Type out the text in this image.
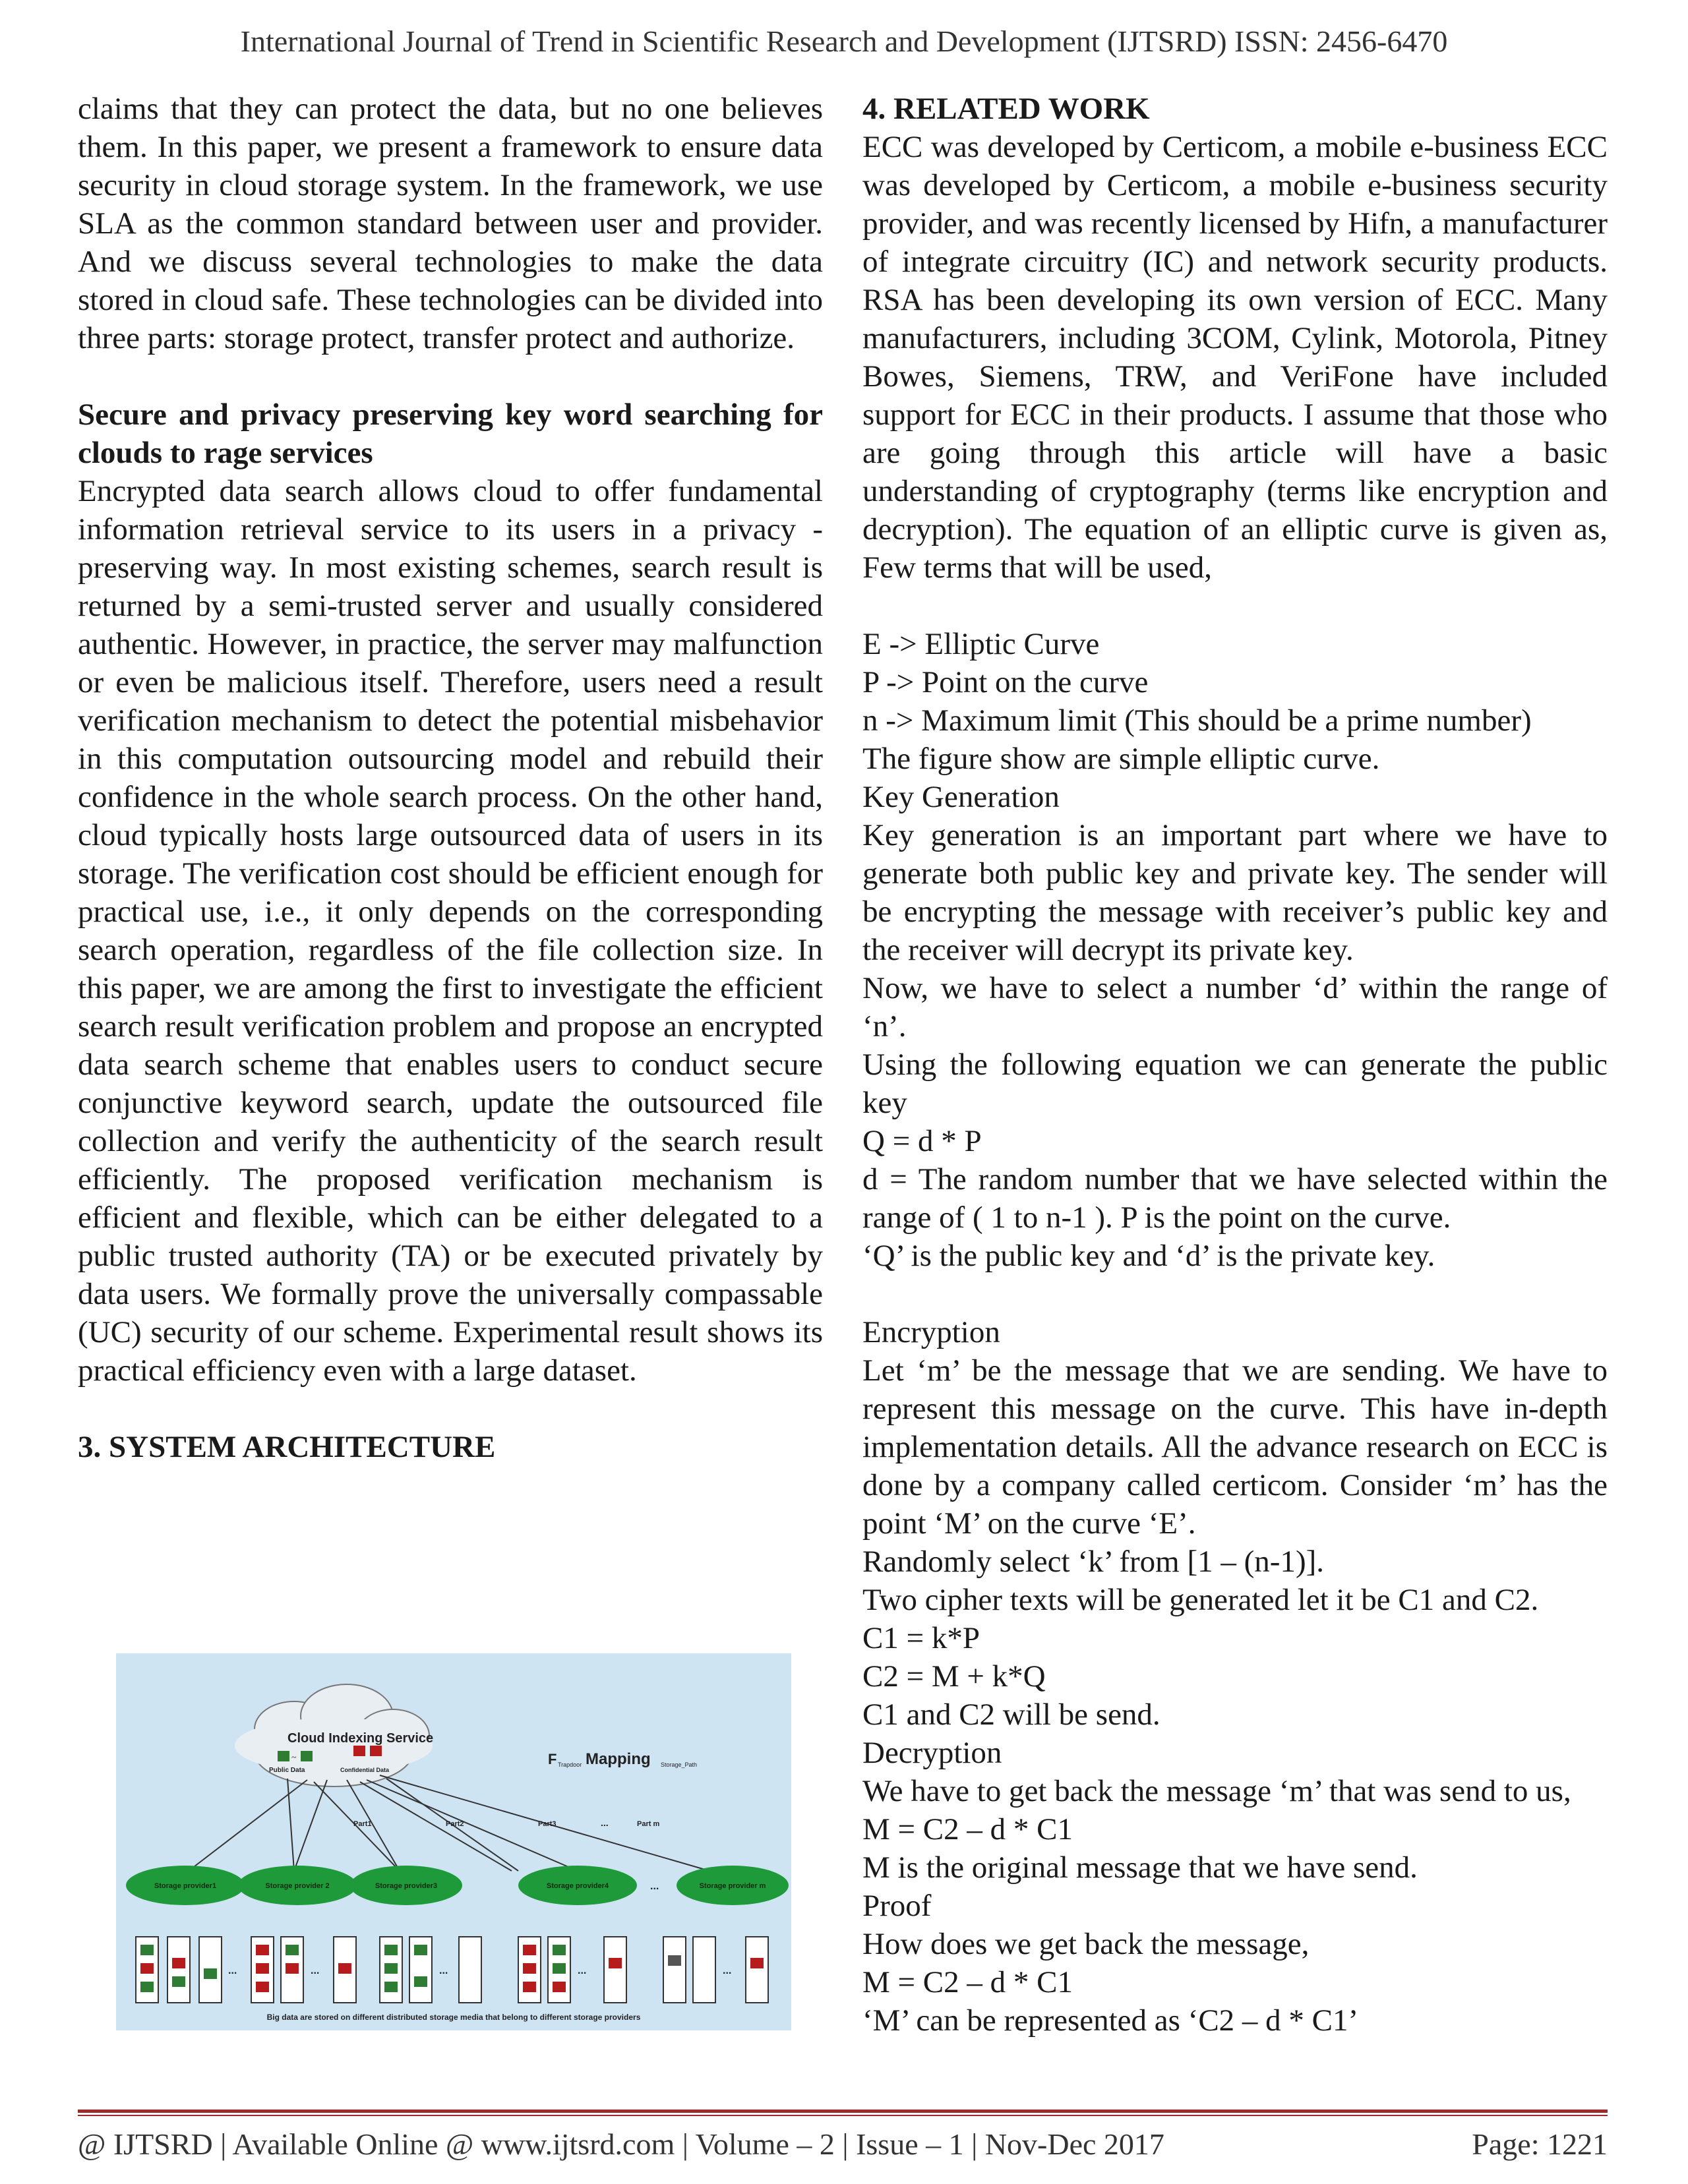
International Journal of Trend in Scientific Research and Development (IJTSRD) ISSN: 2456-6470

claims that they can protect the data, but no one believes them. In this paper, we present a framework to ensure data security in cloud storage system. In the framework, we use SLA as the common standard between user and provider. And we discuss several technologies to make the data stored in cloud safe. These technologies can be divided into three parts: storage protect, transfer protect and authorize.

Secure and privacy preserving key word searching for clouds to rage services

Encrypted data search allows cloud to offer fundamental information retrieval service to its users in a privacy - preserving way. In most existing schemes, search result is returned by a semi-trusted server and usually considered authentic. However, in practice, the server may malfunction or even be malicious itself. Therefore, users need a result verification mechanism to detect the potential misbehavior in this computation outsourcing model and rebuild their confidence in the whole search process. On the other hand, cloud typically hosts large outsourced data of users in its storage. The verification cost should be efficient enough for practical use, i.e., it only depends on the corresponding search operation, regardless of the file collection size. In this paper, we are among the first to investigate the efficient search result verification problem and propose an encrypted data search scheme that enables users to conduct secure conjunctive keyword search, update the outsourced file collection and verify the authenticity of the search result efficiently. The proposed verification mechanism is efficient and flexible, which can be either delegated to a public trusted authority (TA) or be executed privately by data users. We formally prove the universally compassable (UC) security of our scheme. Experimental result shows its practical efficiency even with a large dataset.

3. SYSTEM ARCHITECTURE

Cloud Indexing Service
~
Public Data	Confidential Data
F Trapdoor Mapping Storage_Path
Part1	Part2	Part3	...	Part m
Storage provider1	Storage provider 2	Storage provider3	Storage provider4	...	Storage provider m
...	...	...	...	...
Big data are stored on different distributed storage media that belong to different storage providers

4. RELATED WORK

ECC was developed by Certicom, a mobile e-business ECC was developed by Certicom, a mobile e-business security provider, and was recently licensed by Hifn, a manufacturer of integrate circuitry (IC) and network security products. RSA has been developing its own version of ECC. Many manufacturers, including 3COM, Cylink, Motorola, Pitney Bowes, Siemens, TRW, and VeriFone have included support for ECC in their products. I assume that those who are going through this article will have a basic understanding of cryptography (terms like encryption and decryption). The equation of an elliptic curve is given as, Few terms that will be used,

E -> Elliptic Curve
P -> Point on the curve
n -> Maximum limit (This should be a prime number)
The figure show are simple elliptic curve.
Key Generation

Key generation is an important part where we have to generate both public key and private key. The sender will be encrypting the message with receiver’s public key and the receiver will decrypt its private key.

Now, we have to select a number ‘d’ within the range of ‘n’.

Using the following equation we can generate the public key

Q = d * P

d = The random number that we have selected within the range of ( 1 to n-1 ). P is the point on the curve.

‘Q’ is the public key and ‘d’ is the private key.
Encryption

Let ‘m’ be the message that we are sending. We have to represent this message on the curve. This have in-depth implementation details. All the advance research on ECC is done by a company called certicom. Consider ‘m’ has the point ‘M’ on the curve ‘E’.

Randomly select ‘k’ from [1 – (n-1)].
Two cipher texts will be generated let it be C1 and C2.
C1 = k*P
C2 = M + k*Q
C1 and C2 will be send.
Decryption

We have to get back the message ‘m’ that was send to us,

M = C2 – d * C1
M is the original message that we have send.
Proof
How does we get back the message,
M = C2 – d * C1
‘M’ can be represented as ‘C2 – d * C1’
@ IJTSRD | Available Online @ www.ijtsrd.com | Volume – 2 | Issue – 1 | Nov-Dec 2017	Page: 1221
